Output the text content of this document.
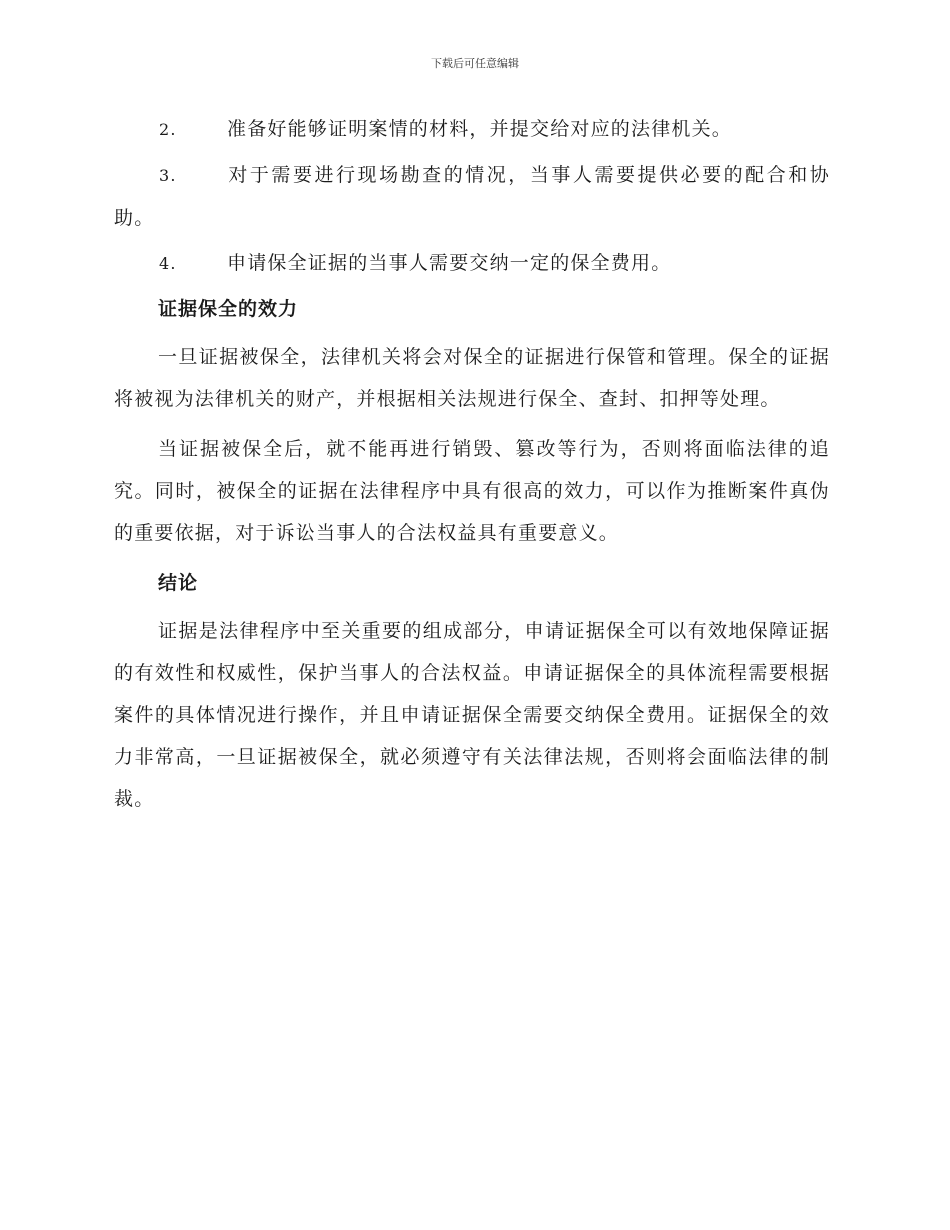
下载后可任意编辑

2.	准备好能够证明案情的材料，并提交给对应的法律机关。

3.	对于需要进行现场勘查的情况，当事人需要提供必要的配合和协助。

4.	申请保全证据的当事人需要交纳一定的保全费用。

证据保全的效力

一旦证据被保全，法律机关将会对保全的证据进行保管和管理。保全的证据将被视为法律机关的财产，并根据相关法规进行保全、查封、扣押等处理。

当证据被保全后，就不能再进行销毁、篡改等行为，否则将面临法律的追究。同时，被保全的证据在法律程序中具有很高的效力，可以作为推断案件真伪的重要依据，对于诉讼当事人的合法权益具有重要意义。

结论

证据是法律程序中至关重要的组成部分，申请证据保全可以有效地保障证据的有效性和权威性，保护当事人的合法权益。申请证据保全的具体流程需要根据案件的具体情况进行操作，并且申请证据保全需要交纳保全费用。证据保全的效力非常高，一旦证据被保全，就必须遵守有关法律法规，否则将会面临法律的制裁。
